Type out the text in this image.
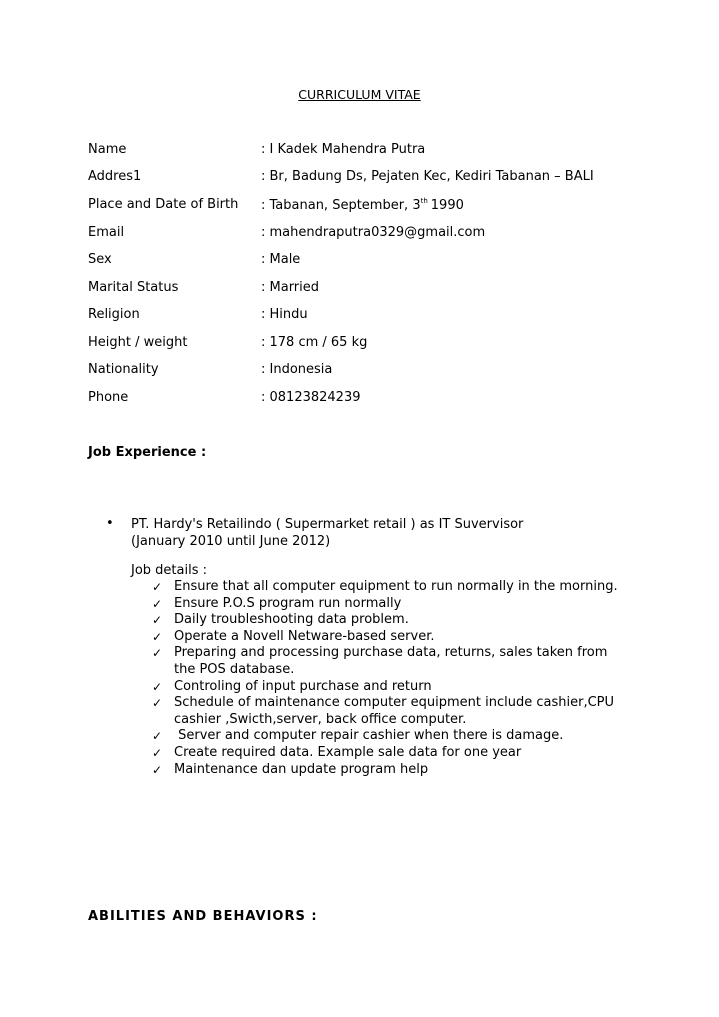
CURRICULUM VITAE
Name	: I Kadek Mahendra Putra
Addres1	: Br, Badung Ds, Pejaten Kec, Kediri Tabanan – BALI
Place and Date of Birth : Tabanan, September, 3th 1990
Email	: mahendraputra0329@gmail.com
Sex	: Male
Marital Status	: Married
Religion	: Hindu
Height / weight	: 178 cm / 65 kg
Nationality	: Indonesia
Phone	: 08123824239
Job Experience :
• PT. Hardy's Retailindo ( Supermarket retail ) as IT Suvervisor
(January 2010 until June 2012)
Job details :
✓ Ensure that all computer equipment to run normally in the morning.
✓ Ensure P.O.S program run normally
✓ Daily troubleshooting data problem.
✓ Operate a Novell Netware-based server.
✓ Preparing and processing purchase data, returns, sales taken from the POS database.
✓ Controling of input purchase and return
✓ Schedule of maintenance computer equipment include cashier,CPU cashier ,Swicth,server, back office computer.
✓ Server and computer repair cashier when there is damage.
✓ Create required data. Example sale data for one year
✓ Maintenance dan update program help
ABILITIES AND BEHAVIORS :
